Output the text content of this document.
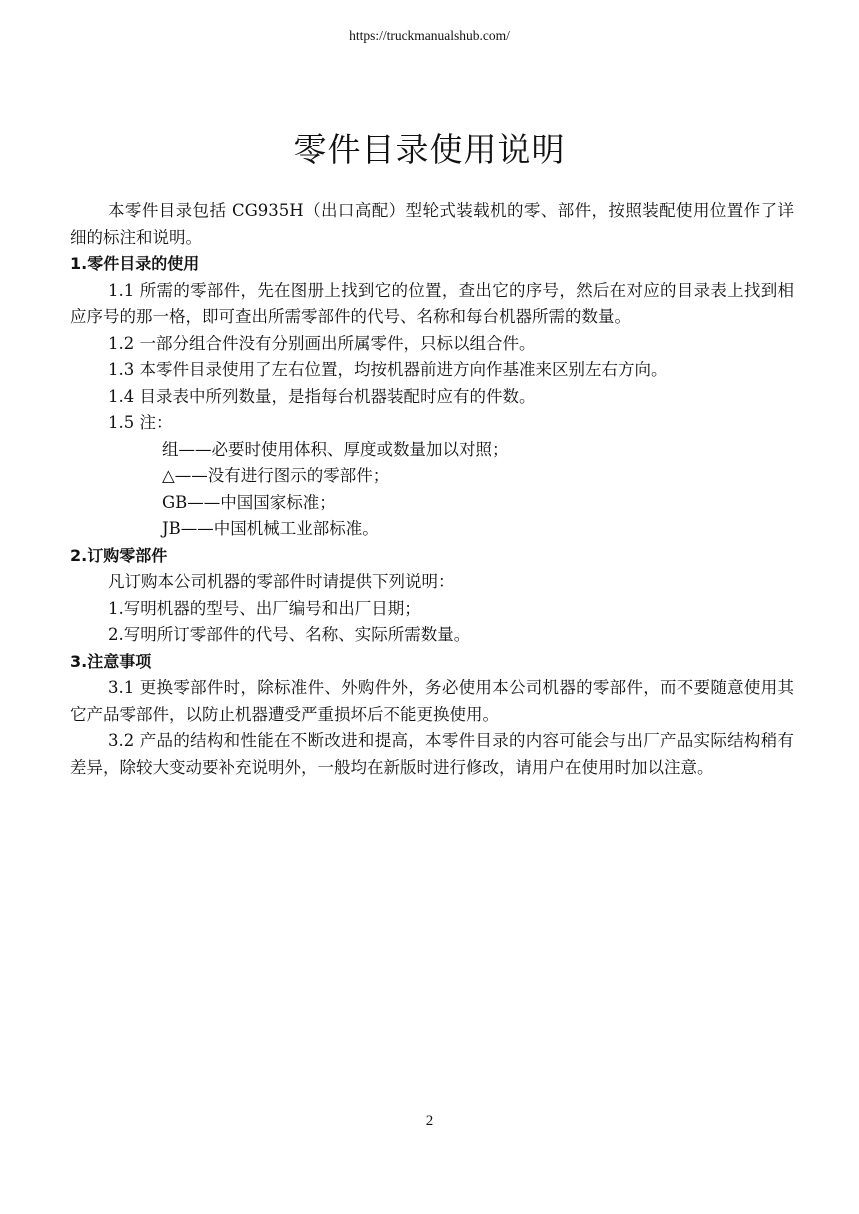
https://truckmanualshub.com/
零件目录使用说明

本零件目录包括 CG935H（出口高配）型轮式装载机的零、部件，按照装配使用位置作了详细的标注和说明。

1.零件目录的使用

1.1 所需的零部件，先在图册上找到它的位置，查出它的序号，然后在对应的目录表上找到相应序号的那一格，即可查出所需零部件的代号、名称和每台机器所需的数量。

1.2 一部分组合件没有分别画出所属零件，只标以组合件。

1.3 本零件目录使用了左右位置，均按机器前进方向作基准来区别左右方向。

1.4 目录表中所列数量，是指每台机器装配时应有的件数。

1.5 注：

组——必要时使用体积、厚度或数量加以对照；

△——没有进行图示的零部件；

GB——中国国家标准；

JB——中国机械工业部标准。

2.订购零部件

凡订购本公司机器的零部件时请提供下列说明：

1.写明机器的型号、出厂编号和出厂日期；

2.写明所订零部件的代号、名称、实际所需数量。

3.注意事项

3.1 更换零部件时，除标准件、外购件外，务必使用本公司机器的零部件，而不要随意使用其它产品零部件，以防止机器遭受严重损坏后不能更换使用。

3.2 产品的结构和性能在不断改进和提高，本零件目录的内容可能会与出厂产品实际结构稍有差异，除较大变动要补充说明外，一般均在新版时进行修改，请用户在使用时加以注意。

2
